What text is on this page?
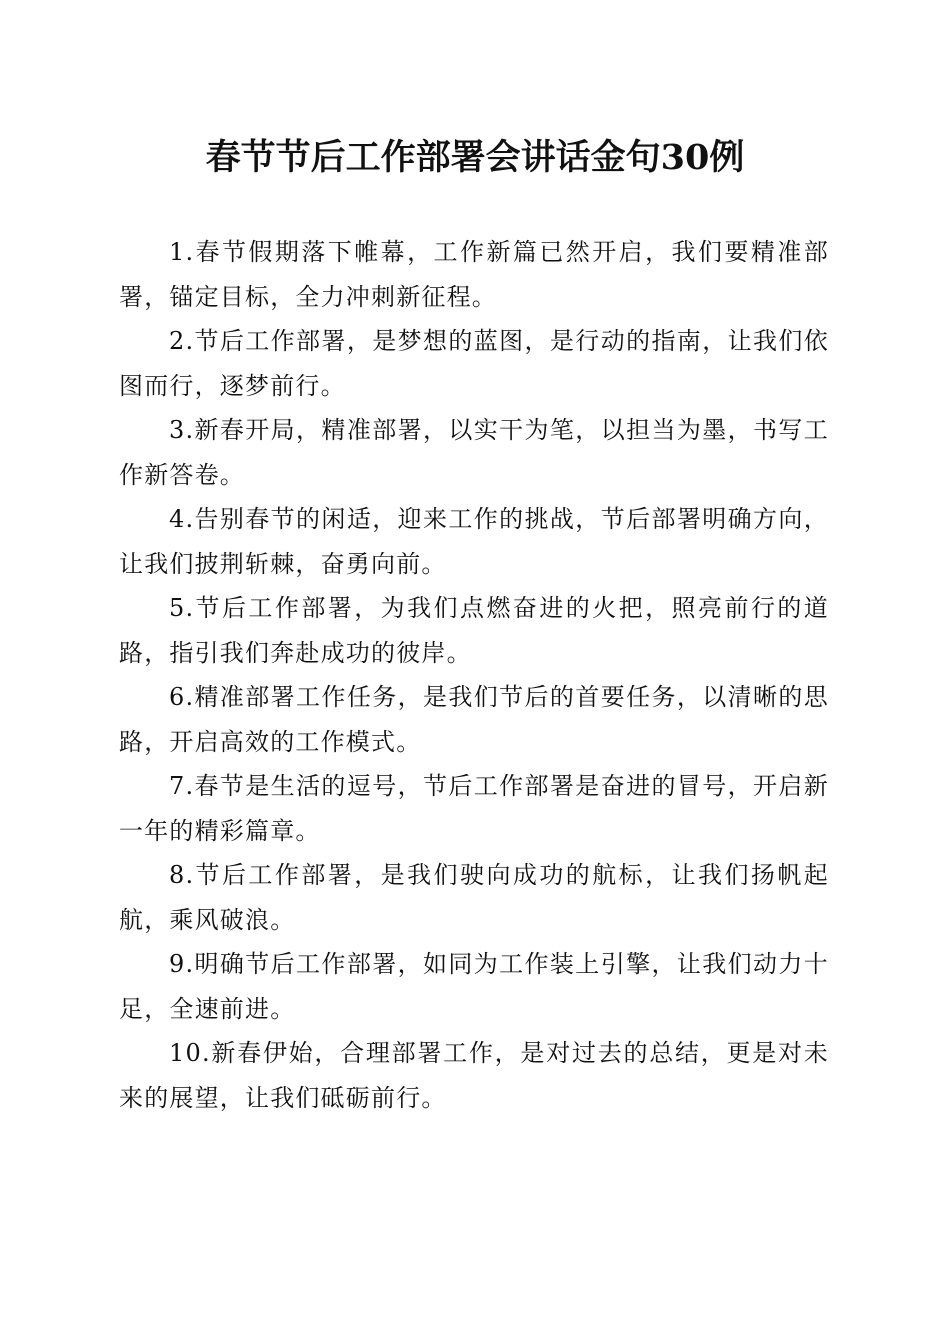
春节节后工作部署会讲话金句30例

1.春节假期落下帷幕，工作新篇已然开启，我们要精准部署，锚定目标，全力冲刺新征程。

2.节后工作部署，是梦想的蓝图，是行动的指南，让我们依图而行，逐梦前行。

3.新春开局，精准部署，以实干为笔，以担当为墨，书写工作新答卷。

4.告别春节的闲适，迎来工作的挑战，节后部署明确方向，让我们披荆斩棘，奋勇向前。

5.节后工作部署，为我们点燃奋进的火把，照亮前行的道路，指引我们奔赴成功的彼岸。

6.精准部署工作任务，是我们节后的首要任务，以清晰的思路，开启高效的工作模式。

7.春节是生活的逗号，节后工作部署是奋进的冒号，开启新一年的精彩篇章。

8.节后工作部署，是我们驶向成功的航标，让我们扬帆起航，乘风破浪。

9.明确节后工作部署，如同为工作装上引擎，让我们动力十足，全速前进。

10.新春伊始，合理部署工作，是对过去的总结，更是对未来的展望，让我们砥砺前行。
